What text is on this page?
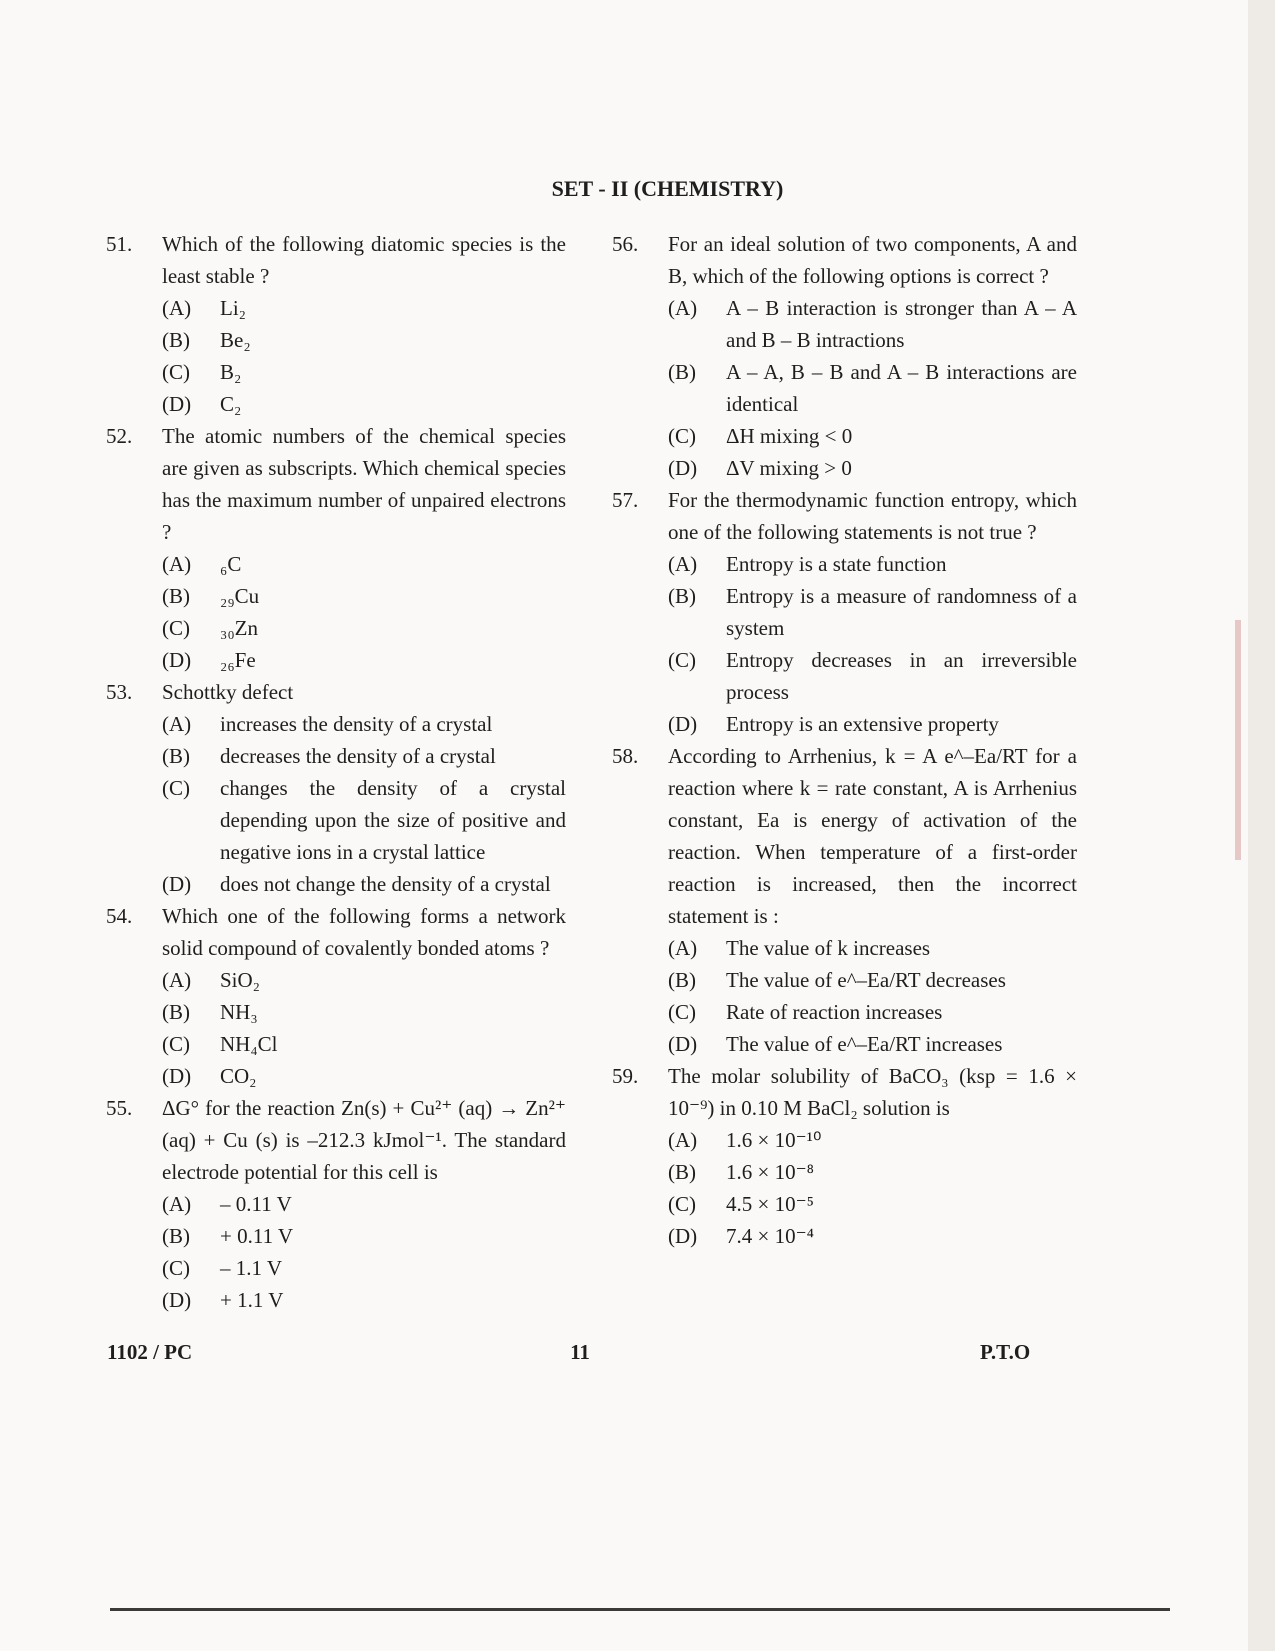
SET - II (CHEMISTRY)
51. Which of the following diatomic species is the least stable ?
(A) Li₂
(B) Be₂
(C) B₂
(D) C₂
52. The atomic numbers of the chemical species are given as subscripts. Which chemical species has the maximum number of unpaired electrons ?
(A) ₆C
(B) ₂₉Cu
(C) ₃₀Zn
(D) ₂₆Fe
53. Schottky defect
(A) increases the density of a crystal
(B) decreases the density of a crystal
(C) changes the density of a crystal depending upon the size of positive and negative ions in a crystal lattice
(D) does not change the density of a crystal
54. Which one of the following forms a network solid compound of covalently bonded atoms ?
(A) SiO₂
(B) NH₃
(C) NH₄Cl
(D) CO₂
55. ΔG° for the reaction Zn(s) + Cu²⁺ (aq) → Zn²⁺ (aq) + Cu (s) is –212.3 kJmol⁻¹. The standard electrode potential for this cell is
(A) – 0.11 V
(B) + 0.11 V
(C) – 1.1 V
(D) + 1.1 V
56. For an ideal solution of two components, A and B, which of the following options is correct ?
(A) A – B interaction is stronger than A – A and B – B intractions
(B) A – A, B – B and A – B interactions are identical
(C) ΔH mixing < 0
(D) ΔV mixing > 0
57. For the thermodynamic function entropy, which one of the following statements is not true ?
(A) Entropy is a state function
(B) Entropy is a measure of randomness of a system
(C) Entropy decreases in an irreversible process
(D) Entropy is an extensive property
58. According to Arrhenius, k = A e^–Ea/RT for a reaction where k = rate constant, A is Arrhenius constant, Ea is energy of activation of the reaction. When temperature of a first-order reaction is increased, then the incorrect statement is :
(A) The value of k increases
(B) The value of e^–Ea/RT decreases
(C) Rate of reaction increases
(D) The value of e^–Ea/RT increases
59. The molar solubility of BaCO₃ (ksp = 1.6 × 10⁻⁹) in 0.10 M BaCl₂ solution is
(A) 1.6 × 10⁻¹⁰
(B) 1.6 × 10⁻⁸
(C) 4.5 × 10⁻⁵
(D) 7.4 × 10⁻⁴
1102 / PC	11	P.T.O
